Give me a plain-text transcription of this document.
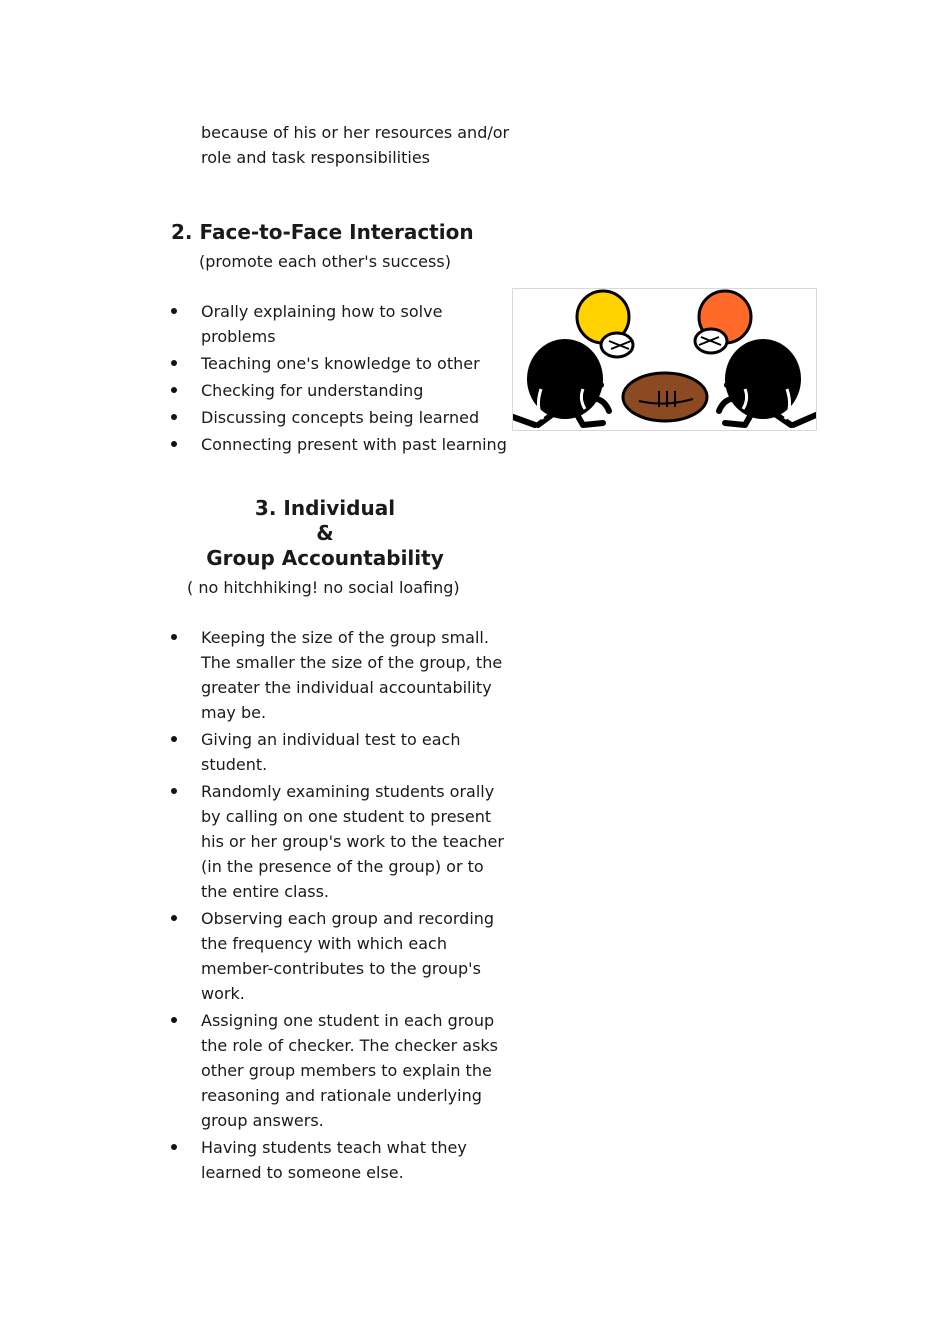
because of his or her resources and/or
role and task responsibilities
2. Face-to-Face Interaction
(promote each other's success)
Orally explaining how to solve problems
Teaching one's knowledge to other
Checking for understanding
Discussing concepts being learned
Connecting present with past learning
3. Individual
&
Group Accountability
( no hitchhiking! no social loafing)
Keeping the size of the group small. The smaller the size of the group, the greater the individual accountability may be.
Giving an individual test to each student.
Randomly examining students orally by calling on one student to present his or her group's work to the teacher (in the presence of the group) or to the entire class.
Observing each group and recording the frequency with which each member-contributes to the group's work.
Assigning one student in each group the role of checker. The checker asks other group members to explain the reasoning and rationale underlying group answers.
Having students teach what they learned to someone else.
